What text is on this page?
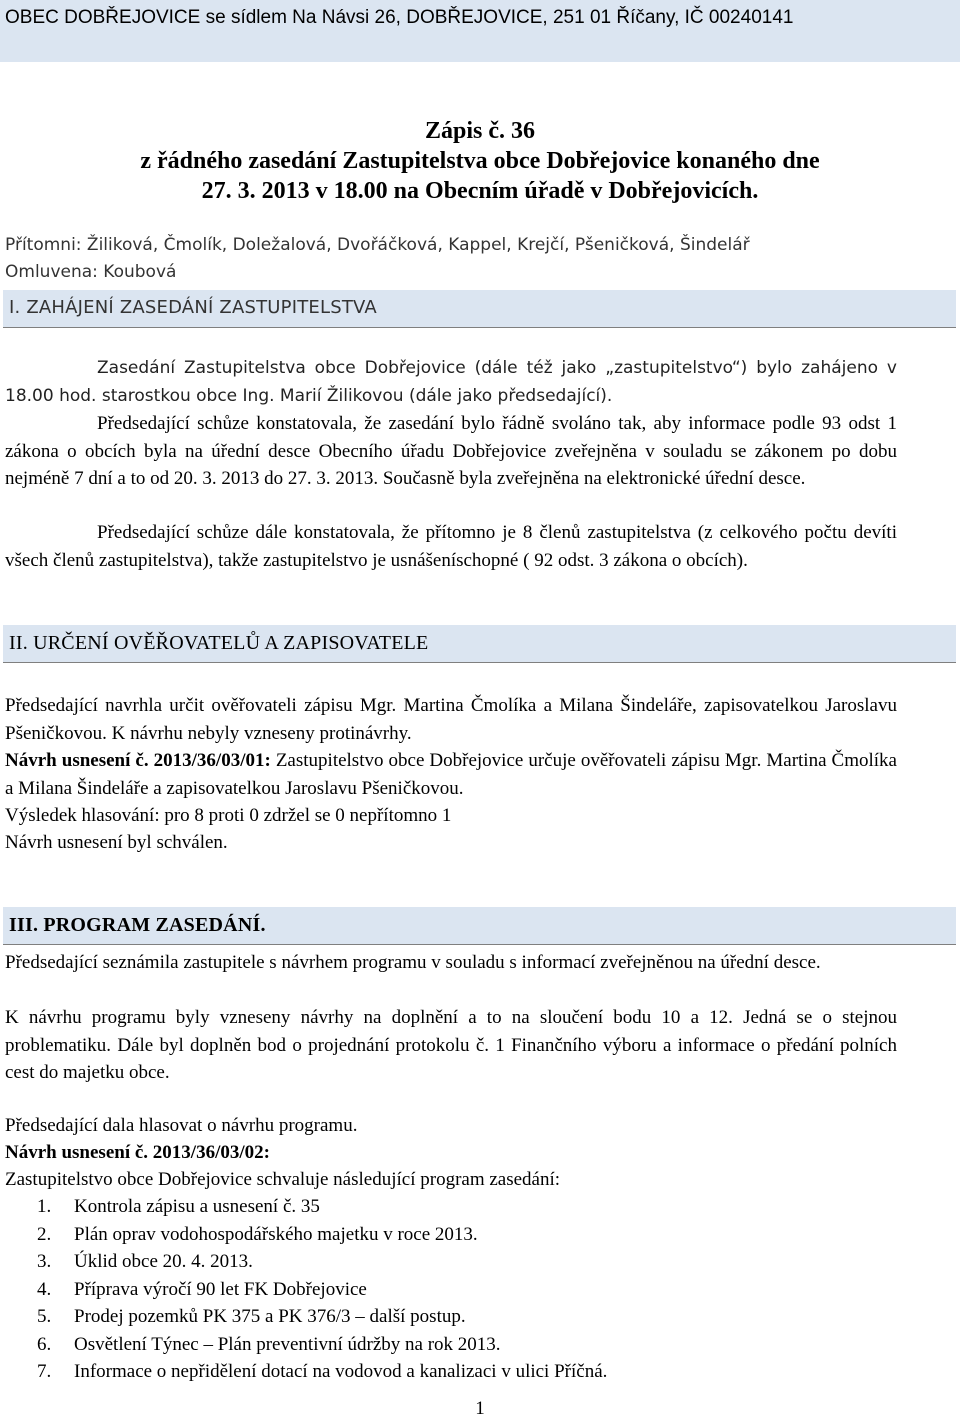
OBEC DOBŘEJOVICE se sídlem Na Návsi 26, DOBŘEJOVICE, 251 01 Říčany, IČ 00240141
Zápis č. 36
z řádného zasedání Zastupitelstva obce Dobřejovice konaného dne
27. 3. 2013 v 18.00 na Obecním úřadě v Dobřejovicích.
Přítomni: Žiliková, Čmolík, Doležalová, Dvořáčková, Kappel, Krejčí, Pšeničková, Šindelář
Omluvena: Koubová
I. ZAHÁJENÍ ZASEDÁNÍ ZASTUPITELSTVA
Zasedání Zastupitelstva obce Dobřejovice (dále též jako „zastupitelstvo“) bylo zahájeno v 18.00 hod. starostkou obce Ing. Marií Žilikovou (dále jako předsedající).
Předsedající schůze konstatovala, že zasedání bylo řádně svoláno tak, aby informace podle 93 odst 1 zákona o obcích byla na úřední desce Obecního úřadu Dobřejovice zveřejněna v souladu se zákonem po dobu nejméně 7 dní a to od 20. 3. 2013 do 27. 3. 2013. Současně byla zveřejněna na elektronické úřední desce.
Předsedající schůze dále konstatovala, že přítomno je 8 členů zastupitelstva (z celkového počtu devíti všech členů zastupitelstva), takže zastupitelstvo je usnášeníschopné ( 92 odst. 3 zákona o obcích).
II. URČENÍ OVĚŘOVATELŮ A ZAPISOVATELE
Předsedající navrhla určit ověřovateli zápisu Mgr. Martina Čmolíka a Milana Šindeláře, zapisovatelkou Jaroslavu Pšeničkovou. K návrhu nebyly vzneseny protinávrhy.
Návrh usnesení č. 2013/36/03/01: Zastupitelstvo obce Dobřejovice určuje ověřovateli zápisu Mgr. Martina Čmolíka a Milana Šindeláře a zapisovatelkou Jaroslavu Pšeničkovou.
Výsledek hlasování: pro 8 proti 0 zdržel se 0 nepřítomno 1
Návrh usnesení byl schválen.
III. PROGRAM ZASEDÁNÍ.
Předsedající seznámila zastupitele s návrhem programu v souladu s informací zveřejněnou na úřední desce.
K návrhu programu byly vzneseny návrhy na doplnění a to na sloučení bodu 10 a 12. Jedná se o stejnou problematiku. Dále byl doplněn bod o projednání protokolu č. 1 Finančního výboru a informace o předání polních cest do majetku obce.
Předsedající dala hlasovat o návrhu programu.
Návrh usnesení č. 2013/36/03/02:
Zastupitelstvo obce Dobřejovice schvaluje následující program zasedání:
1.	Kontrola zápisu a usnesení č. 35
2.	Plán oprav vodohospodářského majetku v roce 2013.
3.	Úklid obce 20. 4. 2013.
4.	Příprava výročí 90 let FK Dobřejovice
5.	Prodej pozemků PK 375 a PK 376/3 – další postup.
6.	Osvětlení Týnec – Plán preventivní údržby na rok 2013.
7.	Informace o nepřidělení dotací na vodovod a kanalizaci v ulici Příčná.
1
